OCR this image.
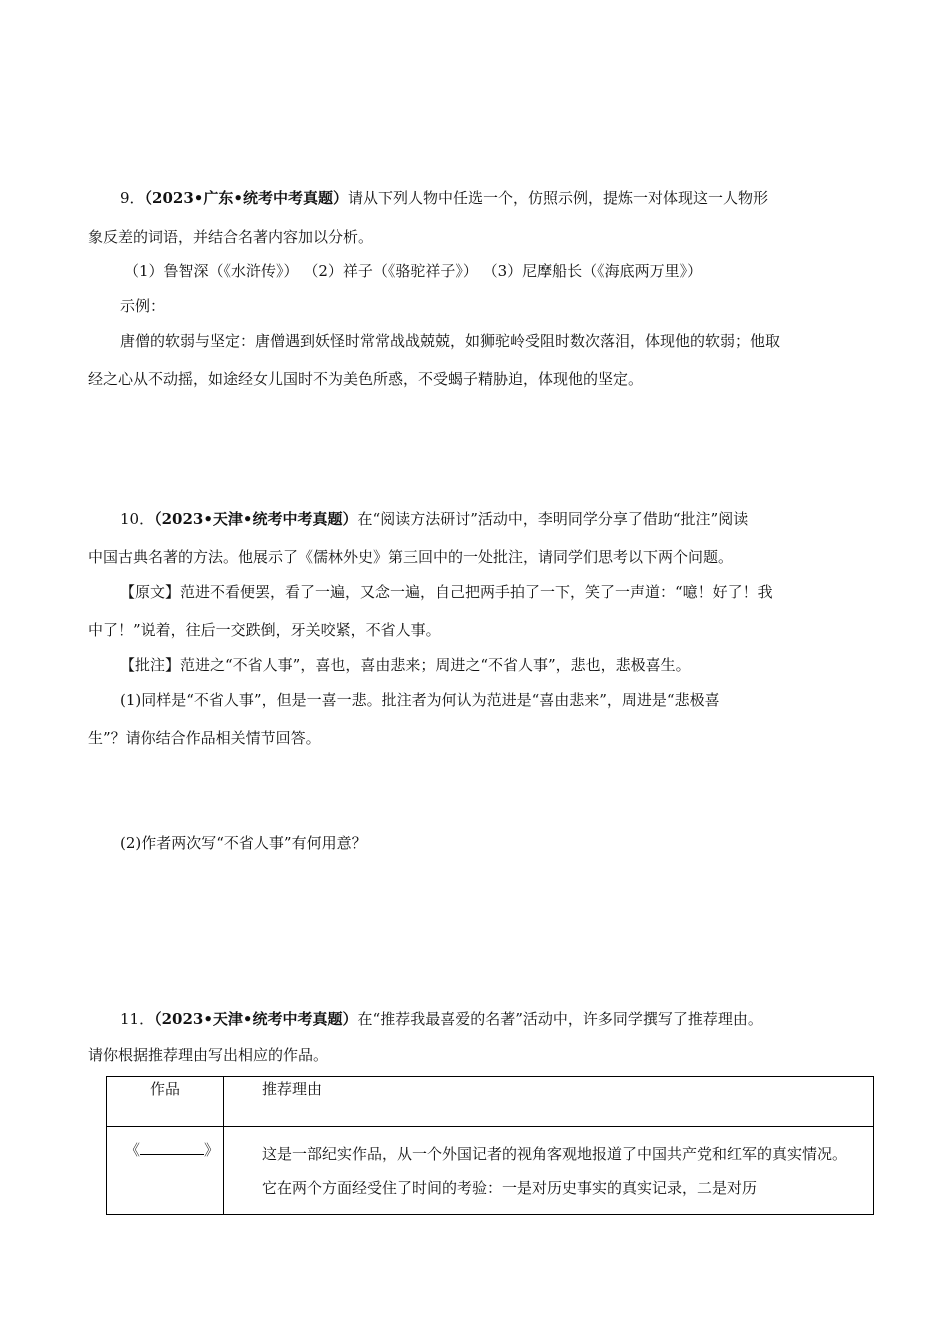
9．（2023•广东•统考中考真题）请从下列人物中任选一个，仿照示例，提炼一对体现这一人物形
象反差的词语，并结合名著内容加以分析。
（1）鲁智深（《水浒传》） （2）祥子（《骆驼祥子》） （3）尼摩船长（《海底两万里》）
示例：
唐僧的软弱与坚定：唐僧遇到妖怪时常常战战兢兢，如狮驼岭受阻时数次落泪，体现他的软弱；他取
经之心从不动摇，如途经女儿国时不为美色所惑，不受蝎子精胁迫，体现他的坚定。
10．（2023•天津•统考中考真题）在“阅读方法研讨”活动中，李明同学分享了借助“批注”阅读
中国古典名著的方法。他展示了《儒林外史》第三回中的一处批注，请同学们思考以下两个问题。
【原文】范进不看便罢，看了一遍，又念一遍，自己把两手拍了一下，笑了一声道：“噫！好了！我
中了！”说着，往后一交跌倒，牙关咬紧，不省人事。
【批注】范进之“不省人事”，喜也，喜由悲来；周进之“不省人事”，悲也，悲极喜生。
(1)同样是“不省人事”，但是一喜一悲。批注者为何认为范进是“喜由悲来”，周进是“悲极喜
生”？请你结合作品相关情节回答。
(2)作者两次写“不省人事”有何用意？
11．（2023•天津•统考中考真题）在“推荐我最喜爱的名著”活动中，许多同学撰写了推荐理由。
请你根据推荐理由写出相应的作品。
作品	推荐理由
《 》	这是一部纪实作品，从一个外国记者的视角客观地报道了中国共产党和红军的真实情况。它在两个方面经受住了时间的考验：一是对历史事实的真实记录，二是对历
